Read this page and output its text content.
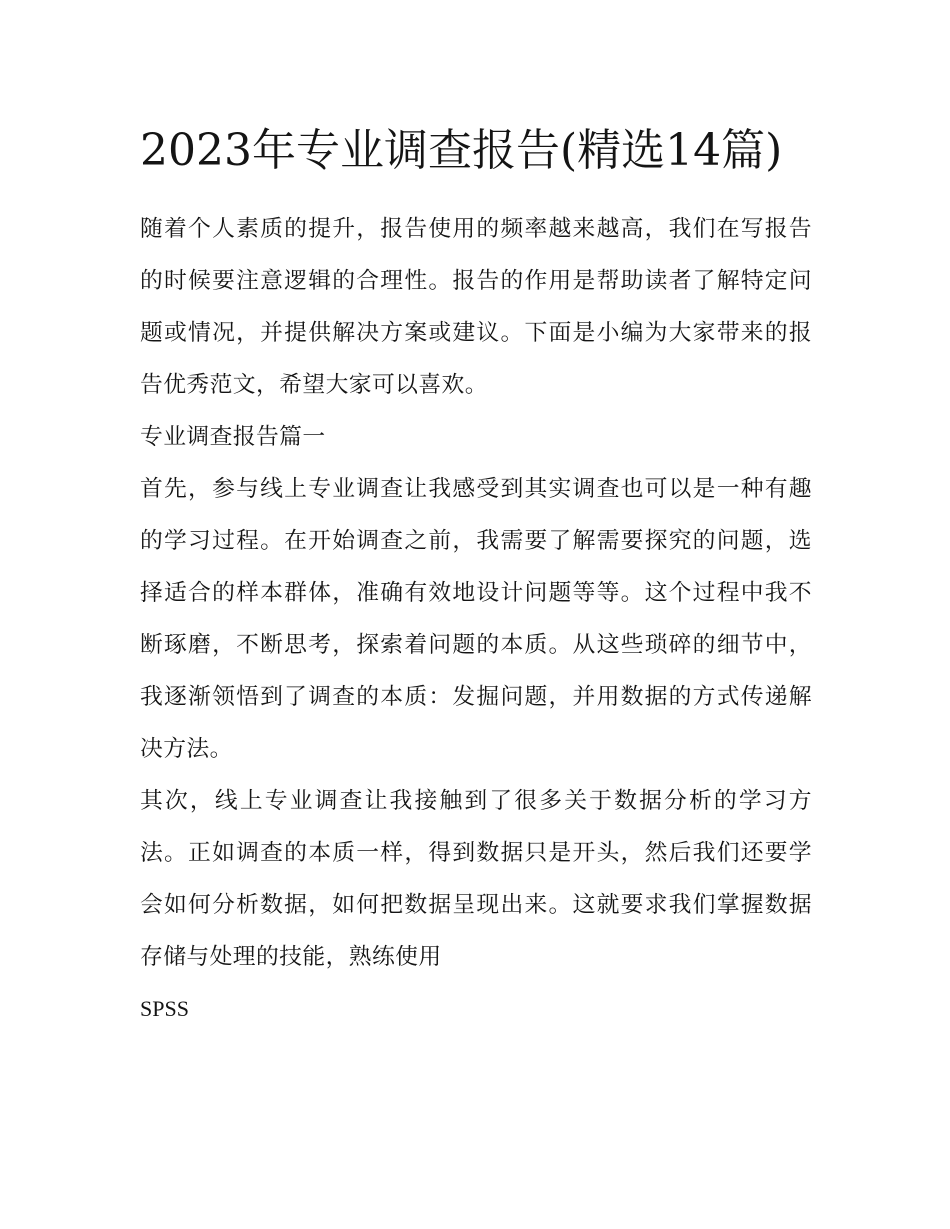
2023年专业调查报告(精选14篇)

随着个人素质的提升，报告使用的频率越来越高，我们在写报告的时候要注意逻辑的合理性。报告的作用是帮助读者了解特定问题或情况，并提供解决方案或建议。下面是小编为大家带来的报告优秀范文，希望大家可以喜欢。

专业调查报告篇一

首先，参与线上专业调查让我感受到其实调查也可以是一种有趣的学习过程。在开始调查之前，我需要了解需要探究的问题，选择适合的样本群体，准确有效地设计问题等等。这个过程中我不断琢磨，不断思考，探索着问题的本质。从这些琐碎的细节中，我逐渐领悟到了调查的本质：发掘问题，并用数据的方式传递解决方法。

其次，线上专业调查让我接触到了很多关于数据分析的学习方法。正如调查的本质一样，得到数据只是开头，然后我们还要学会如何分析数据，如何把数据呈现出来。这就要求我们掌握数据存储与处理的技能，熟练使用

SPSS
